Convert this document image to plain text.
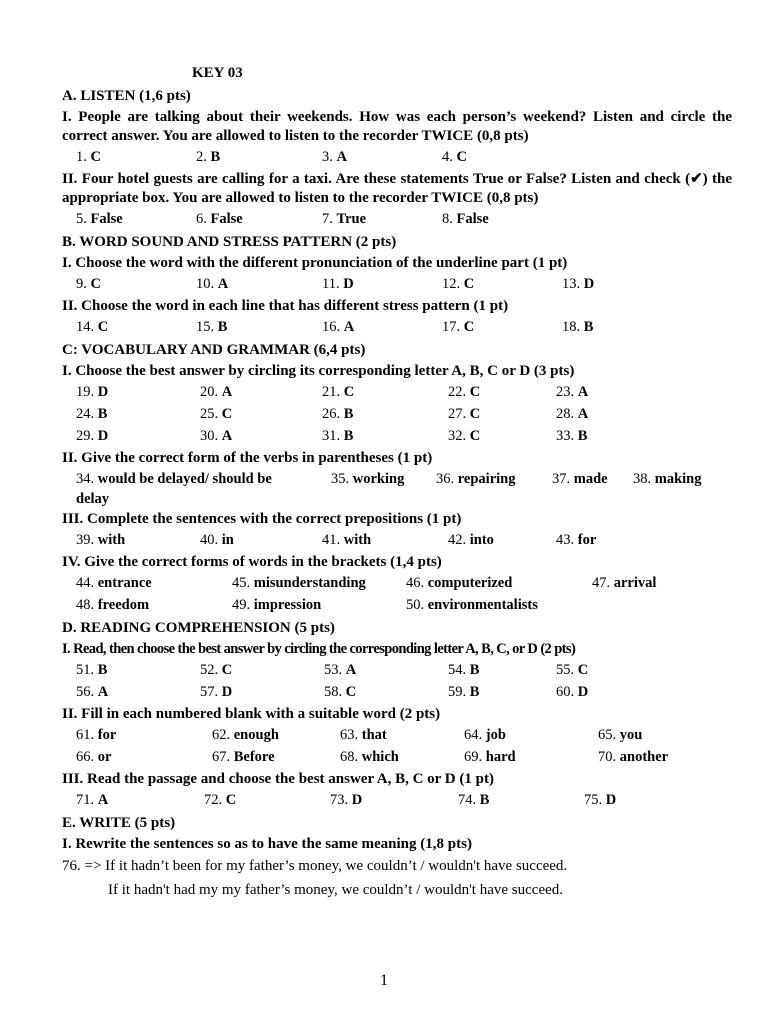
KEY 03
A. LISTEN (1,6 pts)
I. People are talking about their weekends. How was each person’s weekend? Listen and circle the correct answer. You are allowed to listen to the recorder TWICE (0,8 pts)
1. C	2. B	3. A	4. C
II. Four hotel guests are calling for a taxi. Are these statements True or False? Listen and check (✔) the appropriate box. You are allowed to listen to the recorder TWICE (0,8 pts)
5. False	6. False	7. True	8. False
B. WORD SOUND AND STRESS PATTERN (2 pts)
I. Choose the word with the different pronunciation of the underline part (1 pt)
9. C	10. A	11. D	12. C	13. D
II. Choose the word in each line that has different stress pattern (1 pt)
14. C	15. B	16. A	17. C	18. B
C: VOCABULARY AND GRAMMAR (6,4 pts)
I. Choose the best answer by circling its corresponding letter A, B, C or D (3 pts)
19. D	20. A	21. C	22. C	23. A
24. B	25. C	26. B	27. C	28. A
29. D	30. A	31. B	32. C	33. B
II. Give the correct form of the verbs in parentheses (1 pt)
34. would be delayed/ should be	35. working 36. repairing	37. made 38. making
delay
III. Complete the sentences with the correct prepositions (1 pt)
39. with	40. in	41. with	42. into	43. for
IV. Give the correct forms of words in the brackets (1,4 pts)
44. entrance	45. misunderstanding	46. computerized	47. arrival
48. freedom	49. impression	50. environmentalists
D. READING COMPREHENSION (5 pts)
I. Read, then choose the best answer by circling the corresponding letter A, B, C, or D (2 pts)
51. B	52. C	53. A	54. B	55. C
56. A	57. D	58. C	59. B	60. D
II. Fill in each numbered blank with a suitable word (2 pts)
61. for	62. enough	63. that	64. job	65. you
66. or	67. Before	68. which	69. hard	70. another
III. Read the passage and choose the best answer A, B, C or D (1 pt)
71. A	72. C	73. D	74. B	75. D
E. WRITE (5 pts)
I. Rewrite the sentences so as to have the same meaning (1,8 pts)
76. => If it hadn’t been for my father’s money, we couldn’t / wouldn't have succeed.
If it hadn't had my my father’s money, we couldn’t / wouldn't have succeed.
1
